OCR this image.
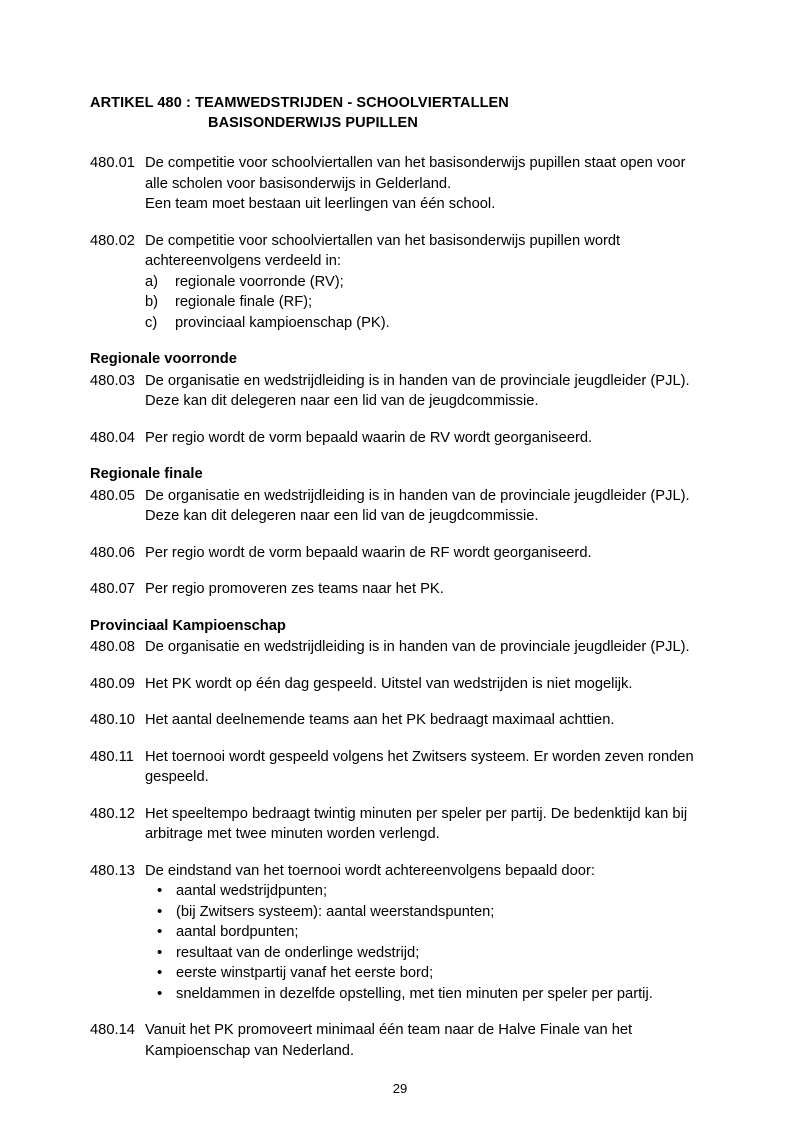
ARTIKEL 480 : TEAMWEDSTRIJDEN - SCHOOLVIERTALLEN
BASISONDERWIJS PUPILLEN
480.01 De competitie voor schoolviertallen van het basisonderwijs pupillen staat open voor alle scholen voor basisonderwijs in Gelderland.

Een team moet bestaan uit leerlingen van één school.

480.02 De competitie voor schoolviertallen van het basisonderwijs pupillen wordt achtereenvolgens verdeeld in:

a)	regionale voorronde (RV);
b)	regionale finale (RF);
c)	provinciaal kampioenschap (PK).
Regionale voorronde
480.03 De organisatie en wedstrijdleiding is in handen van de provinciale jeugdleider (PJL). Deze kan dit delegeren naar een lid van de jeugdcommissie.

480.04 Per regio wordt de vorm bepaald waarin de RV wordt georganiseerd.

Regionale finale
480.05 De organisatie en wedstrijdleiding is in handen van de provinciale jeugdleider (PJL). Deze kan dit delegeren naar een lid van de jeugdcommissie.

480.06 Per regio wordt de vorm bepaald waarin de RF wordt georganiseerd.

480.07 Per regio promoveren zes teams naar het PK.

Provinciaal Kampioenschap
480.08 De organisatie en wedstrijdleiding is in handen van de provinciale jeugdleider (PJL).

480.09 Het PK wordt op één dag gespeeld. Uitstel van wedstrijden is niet mogelijk.

480.10 Het aantal deelnemende teams aan het PK bedraagt maximaal achttien.

480.11 Het toernooi wordt gespeeld volgens het Zwitsers systeem. Er worden zeven ronden gespeeld.

480.12 Het speeltempo bedraagt twintig minuten per speler per partij. De bedenktijd kan bij arbitrage met twee minuten worden verlengd.

480.13 De eindstand van het toernooi wordt achtereenvolgens bepaald door:

• aantal wedstrijdpunten;
• (bij Zwitsers systeem): aantal weerstandspunten;
• aantal bordpunten;
• resultaat van de onderlinge wedstrijd;
• eerste winstpartij vanaf het eerste bord;
• sneldammen in dezelfde opstelling, met tien minuten per speler per partij.
480.14 Vanuit het PK promoveert minimaal één team naar de Halve Finale van het Kampioenschap van Nederland.

29
